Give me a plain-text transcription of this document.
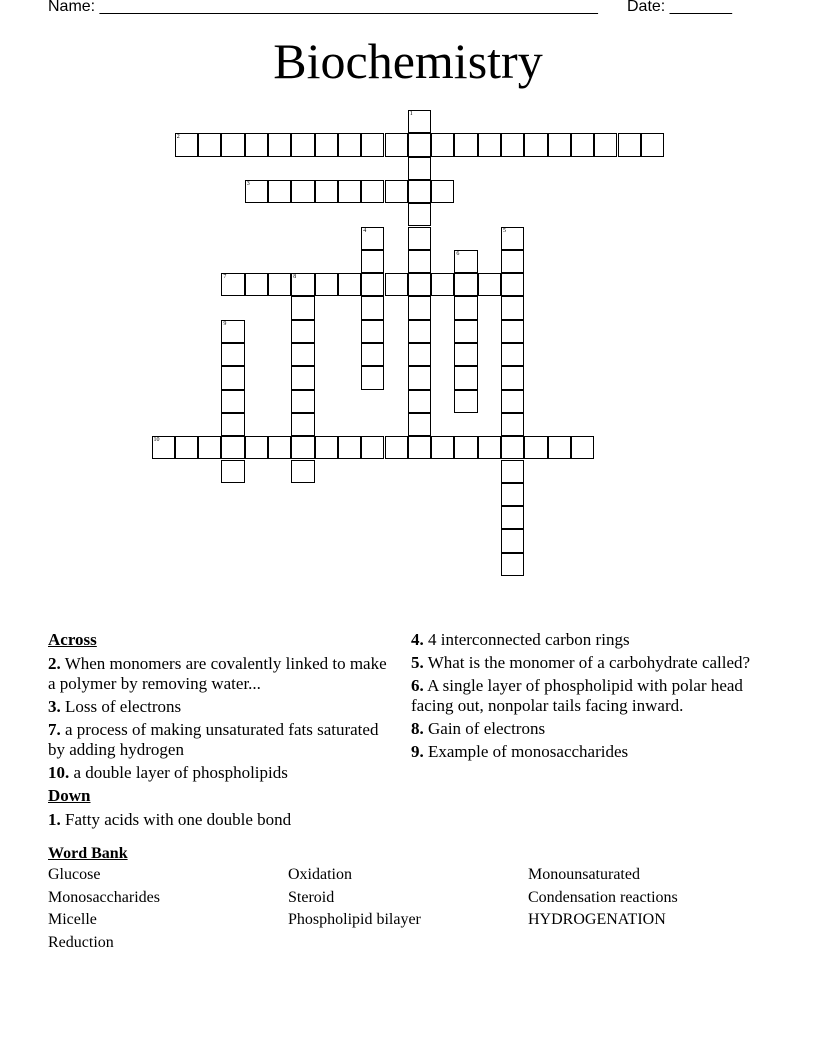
Name: ________________________________________________________ Date: _______
Biochemistry
1
2
3
4	5
6
7	8
9
10
Across
2. When monomers are covalently linked to make a polymer by removing water...
3. Loss of electrons
7. a process of making unsaturated fats saturated by adding hydrogen
10. a double layer of phospholipids
Down
1. Fatty acids with one double bond
4. 4 interconnected carbon rings
5. What is the monomer of a carbohydrate called?
6. A single layer of phospholipid with polar head facing out, nonpolar tails facing inward.
8. Gain of electrons
9. Example of monosaccharides
Word Bank
Glucose	Oxidation	Monounsaturated
Monosaccharides	Steroid	Condensation reactions
Micelle	Phospholipid bilayer	HYDROGENATION
Reduction
